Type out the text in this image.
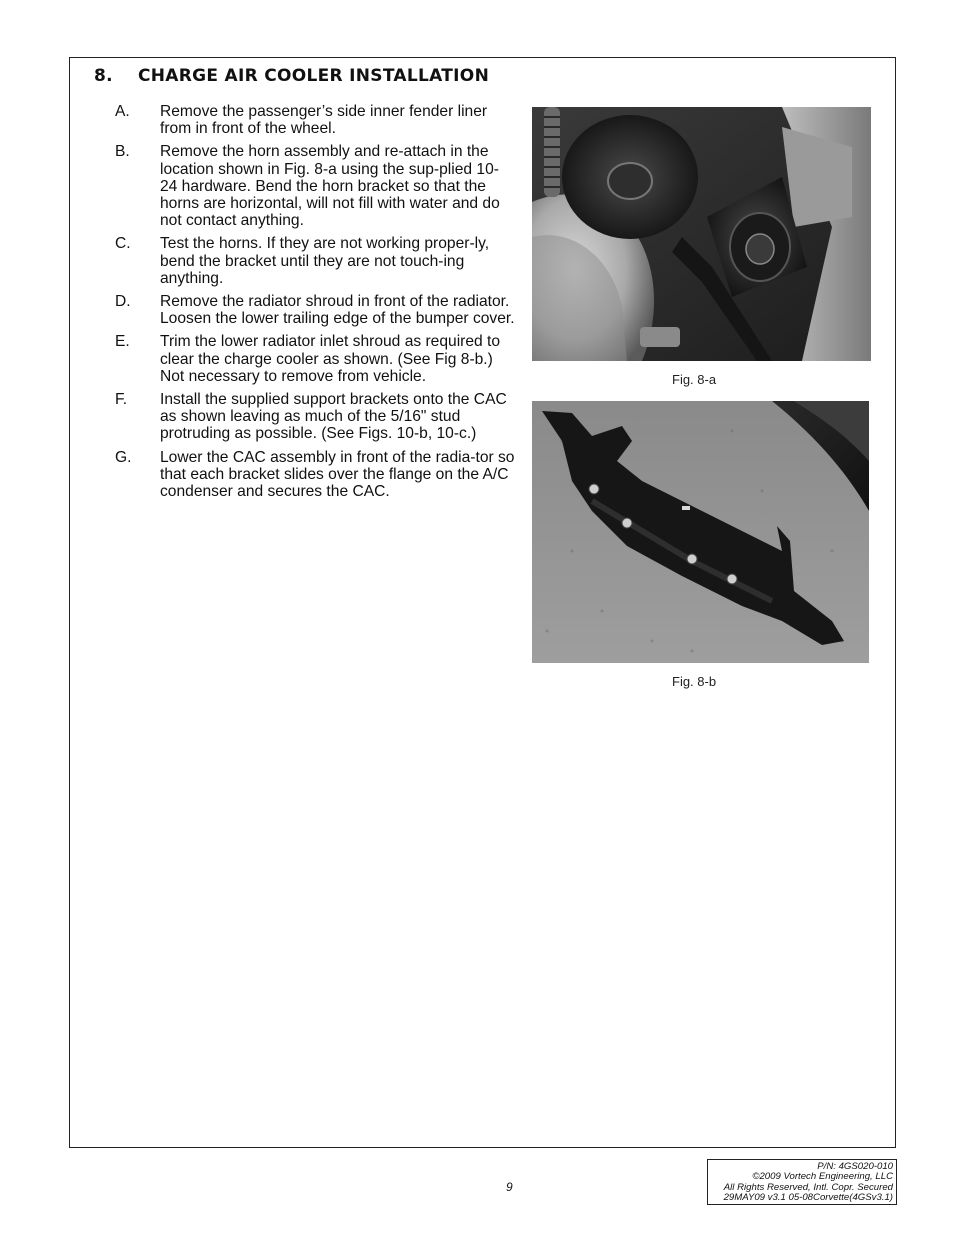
8. CHARGE AIR COOLER INSTALLATION
A. Remove the passenger’s side inner fender liner from in front of the wheel.
B. Remove the horn assembly and re-attach in the location shown in Fig. 8-a using the sup-plied 10-24 hardware. Bend the horn bracket so that the horns are horizontal, will not fill with water and do not contact anything.
C. Test the horns. If they are not working proper-ly, bend the bracket until they are not touch-ing anything.
D. Remove the radiator shroud in front of the radiator. Loosen the lower trailing edge of the bumper cover.
E. Trim the lower radiator inlet shroud as required to clear the charge cooler as shown. (See Fig 8-b.) Not necessary to remove from vehicle.
F. Install the supplied support brackets onto the CAC as shown leaving as much of the 5/16" stud protruding as possible. (See Figs. 10-b, 10-c.)
G. Lower the CAC assembly in front of the radia-tor so that each bracket slides over the flange on the A/C condenser and secures the CAC.
Fig. 8-a
Fig. 8-b
9
P/N: 4GS020-010
©2009 Vortech Engineering, LLC
All Rights Reserved, Intl. Copr. Secured
29MAY09 v3.1 05-08Corvette(4GSv3.1)
